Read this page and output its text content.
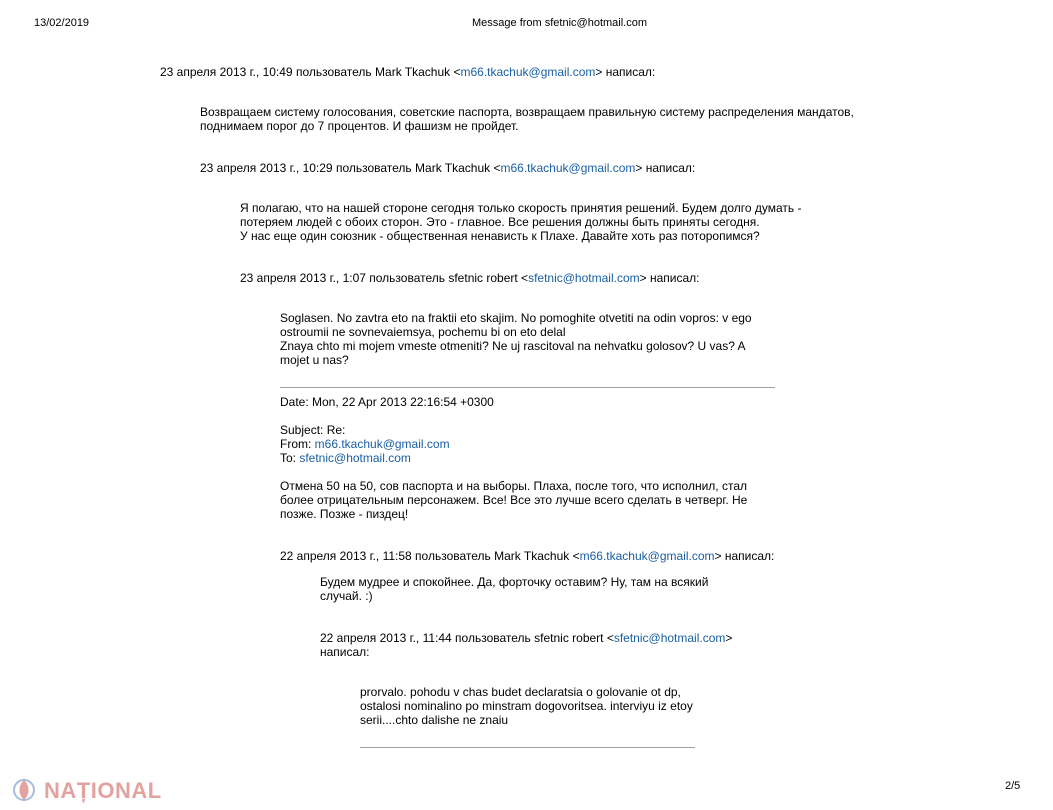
13/02/2019	Message from sfetnic@hotmail.com
23 апреля 2013 г., 10:49 пользователь Mark Tkachuk <m66.tkachuk@gmail.com> написал:
Возвращаем систему голосования, советские паспорта, возвращаем правильную систему распределения мандатов,
поднимаем порог до 7 процентов. И фашизм не пройдет.
23 апреля 2013 г., 10:29 пользователь Mark Tkachuk <m66.tkachuk@gmail.com> написал:
Я полагаю, что на нашей стороне сегодня только скорость принятия решений. Будем долго думать -
потеряем людей с обоих сторон. Это - главное. Все решения должны быть приняты сегодня.
У нас еще один союзник - общественная ненависть к Плахе. Давайте хоть раз поторопимся?
23 апреля 2013 г., 1:07 пользователь sfetnic robert <sfetnic@hotmail.com> написал:
Soglasen. No zavtra eto na fraktii eto skajim. No pomoghite otvetiti na odin vopros: v ego
ostroumii ne sovnevaiemsya, pochemu bi on eto delal
Znaya chto mi mojem vmeste otmeniti? Ne uj rascitoval na nehvatku golosov? U vas? A
mojet u nas?
Date: Mon, 22 Apr 2013 22:16:54 +0300
Subject: Re:
From: m66.tkachuk@gmail.com
To: sfetnic@hotmail.com
Отмена 50 на 50, сов паспорта и на выборы. Плаха, после того, что исполнил, стал
более отрицательным персонажем. Все! Все это лучше всего сделать в четверг. Не
позже. Позже - пиздец!
22 апреля 2013 г., 11:58 пользователь Mark Tkachuk <m66.tkachuk@gmail.com> написал:
Будем мудрее и спокойнее. Да, форточку оставим? Ну, там на всякий
случай. :)
22 апреля 2013 г., 11:44 пользователь sfetnic robert <sfetnic@hotmail.com>
написал:
prorvalo. pohodu v chas budet declaratsia o golovanie ot dp,
ostalosi nominalino po minstram dogovoritsea. interviyu iz etoy
serii....chto dalishe ne znaiu
NAȚIONAL	2/5
